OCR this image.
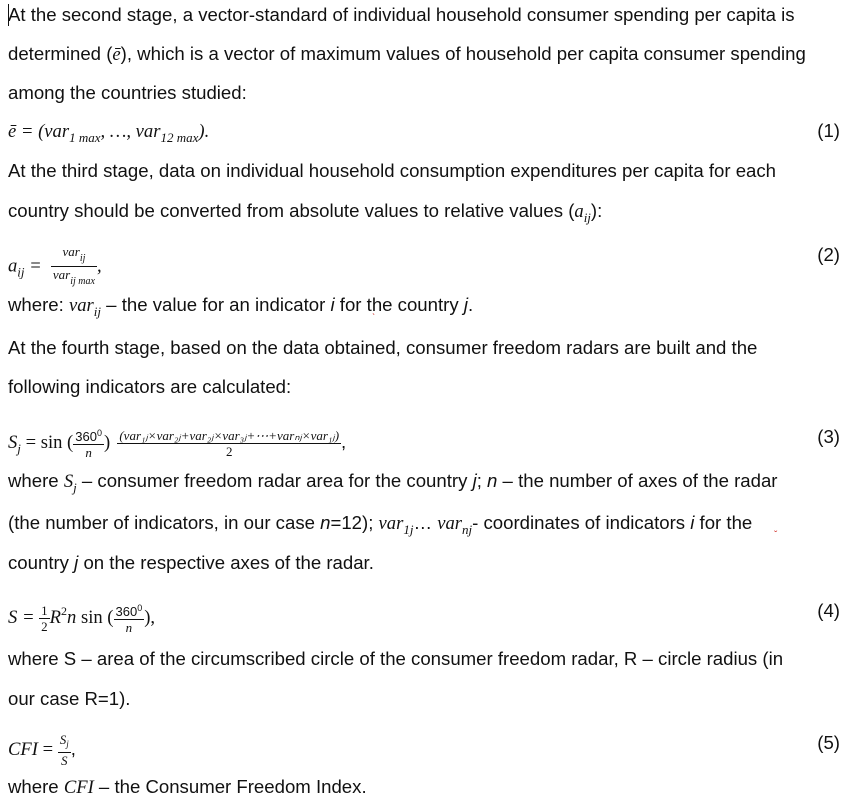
At the second stage, a vector-standard of individual household consumer spending per capita is
determined (ē), which is a vector of maximum values of household per capita consumer spending
among the countries studied:
ē = (var$_{1 max}$, …, var$_{12 max}$).	(1)
At the third stage, data on individual household consumption expenditures per capita for each
country should be converted from absolute values to relative values $(a_{ij})$:
$a_{ij} = \frac{var_{ij}}{var_{ij max}}$ ,
(2)
where: var$_{ij}$ – the value for an indicator i for the country j.
ˋ
At the fourth stage, based on the data obtained, consumer freedom radars are built and the
following indicators are calculated:
$S_j = \sin$ ( $\frac{360^0}{n}$ ) $\frac{\text{(var₁ⱼ×var₂ⱼ+var₂ⱼ×var₃ⱼ+⋯+varₙⱼ×var₁ⱼ)}}{2}$ ,	(3)
where $S_j$ – consumer freedom radar area for the country j; n – the number of axes of the radar
(the number of indicators, in our case n=12); var$_{1j}$… var$_{nj}$- coordinates of indicators i for the
ˇ
country j on the respective axes of the radar.
$S = \frac{1}{2} R^2n$ sin ( $\frac{360^0}{n}$ ),	(4)
where S – area of the circumscribed circle of the consumer freedom radar, R – circle radius (in
our case R=1).
CFI = $\frac{S_j}{S}$ ,	(5)
where CFI – the Consumer Freedom Index.
